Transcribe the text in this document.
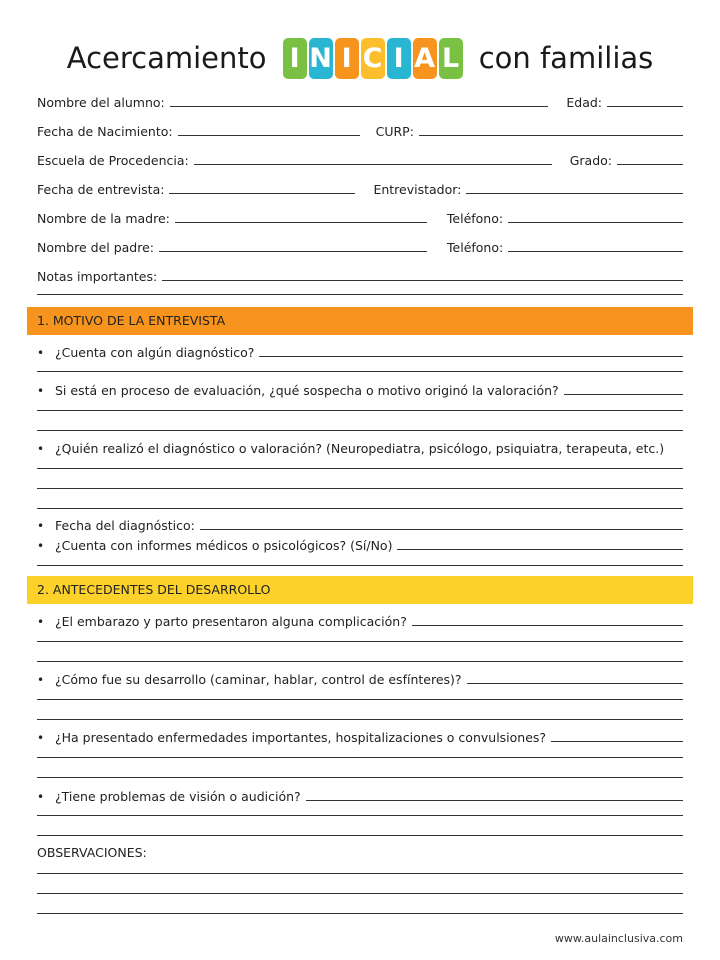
Acercamiento I N I C I A L con familias
Nombre del alumno:	Edad:
Fecha de Nacimiento:	CURP:
Escuela de Procedencia:	Grado:
Fecha de entrevista:	Entrevistador:
Nombre de la madre:	Teléfono:
Nombre del padre:	Teléfono:
Notas importantes:
1. MOTIVO DE LA ENTREVISTA
• ¿Cuenta con algún diagnóstico?
• Si está en proceso de evaluación, ¿qué sospecha o motivo originó la valoración?
• ¿Quién realizó el diagnóstico o valoración? (Neuropediatra, psicólogo, psiquiatra, terapeuta, etc.)
• Fecha del diagnóstico:
• ¿Cuenta con informes médicos o psicológicos? (Sí/No)
2. ANTECEDENTES DEL DESARROLLO
• ¿El embarazo y parto presentaron alguna complicación?
• ¿Cómo fue su desarrollo (caminar, hablar, control de esfínteres)?
• ¿Ha presentado enfermedades importantes, hospitalizaciones o convulsiones?
• ¿Tiene problemas de visión o audición?
OBSERVACIONES:
www.aulainclusiva.com
